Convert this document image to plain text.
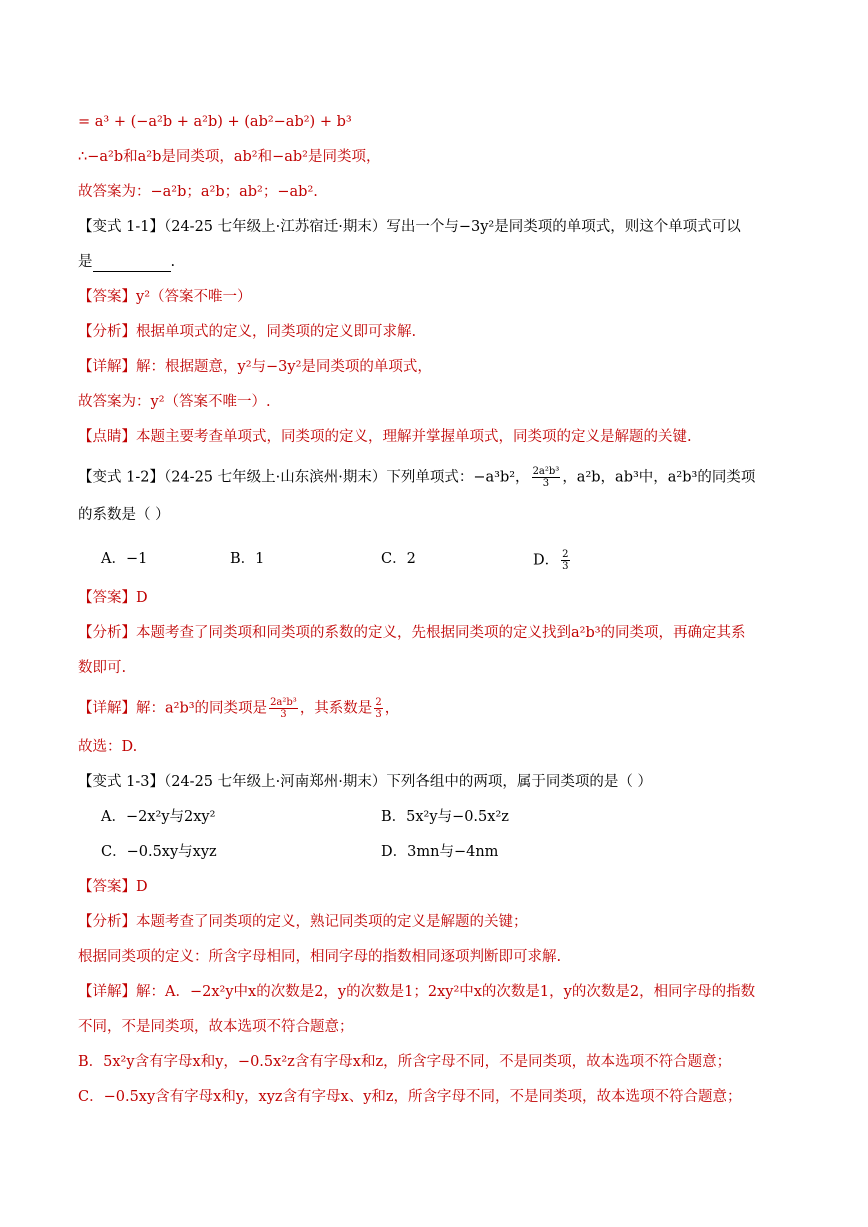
= a³ + (−a²b + a²b) + (ab²−ab²) + b³
∴−a²b和a²b是同类项，ab²和−ab²是同类项，
故答案为：−a²b；a²b；ab²；−ab².
【变式 1-1】（24-25 七年级上·江苏宿迁·期末）写出一个与−3y²是同类项的单项式，则这个单项式可以
是	.
【答案】y²（答案不唯一）
【分析】根据单项式的定义，同类项的定义即可求解.
【详解】解：根据题意，y²与−3y²是同类项的单项式，
故答案为：y²（答案不唯一）.
【点睛】本题主要考查单项式，同类项的定义，理解并掌握单项式，同类项的定义是解题的关键.
【变式 1-2】（24-25 七年级上·山东滨州·期末）下列单项式：−a³b²， $\frac{\text{2a²b³}}{3}$ ，a²b，ab³中，a²b³的同类项
的系数是（ ）
A．−1	B．1	C．2	D． $\frac{2}{3}$
【答案】D
【分析】本题考查了同类项和同类项的系数的定义，先根据同类项的定义找到a²b³的同类项，再确定其系
数即可.
【详解】解：a²b³的同类项是 $\frac{\text{2a²b³}}{3}$ ，其系数是 $\frac{2}{3}$ ，
故选：D.
【变式 1-3】（24-25 七年级上·河南郑州·期末）下列各组中的两项，属于同类项的是（ ）
A．−2x²y与2xy²	B．5x²y与−0.5x²z
C．−0.5xy与xyz	D．3mn与−4nm
【答案】D
【分析】本题考查了同类项的定义，熟记同类项的定义是解题的关键；
根据同类项的定义：所含字母相同，相同字母的指数相同逐项判断即可求解.
【详解】解：A．−2x²y中x的次数是2，y的次数是1；2xy²中x的次数是1，y的次数是2，相同字母的指数
不同，不是同类项，故本选项不符合题意；
B．5x²y含有字母x和y，−0.5x²z含有字母x和z，所含字母不同，不是同类项，故本选项不符合题意；
C．−0.5xy含有字母x和y，xyz含有字母x、y和z，所含字母不同，不是同类项，故本选项不符合题意；
